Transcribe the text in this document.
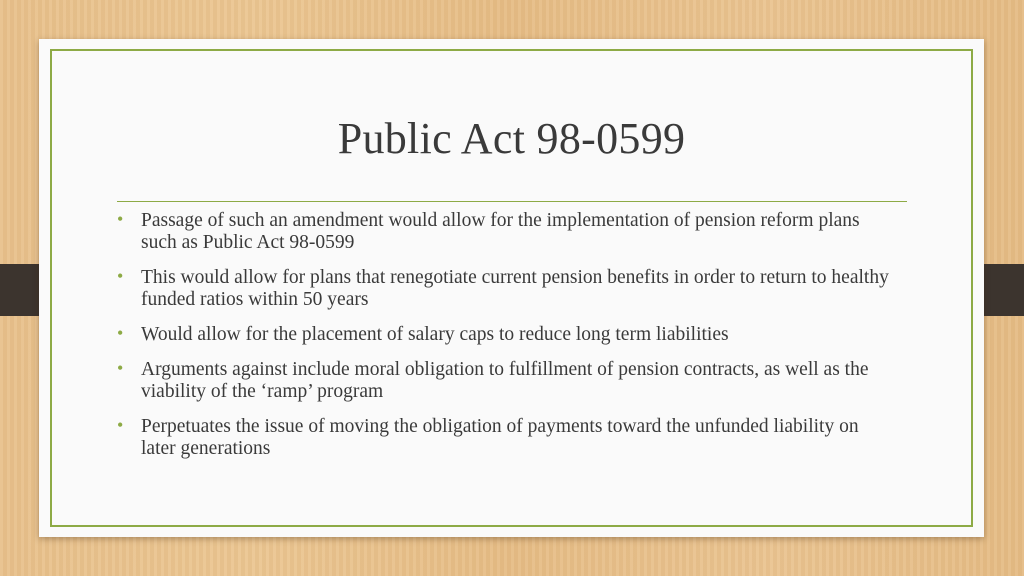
Public Act 98-0599
• Passage of such an amendment would allow for the implementation of pension reform plans such as Public Act 98-0599
• This would allow for plans that renegotiate current pension benefits in order to return to healthy funded ratios within 50 years
• Would allow for the placement of salary caps to reduce long term liabilities
• Arguments against include moral obligation to fulfillment of pension contracts, as well as the viability of the ‘ramp’ program
• Perpetuates the issue of moving the obligation of payments toward the unfunded liability on later generations
